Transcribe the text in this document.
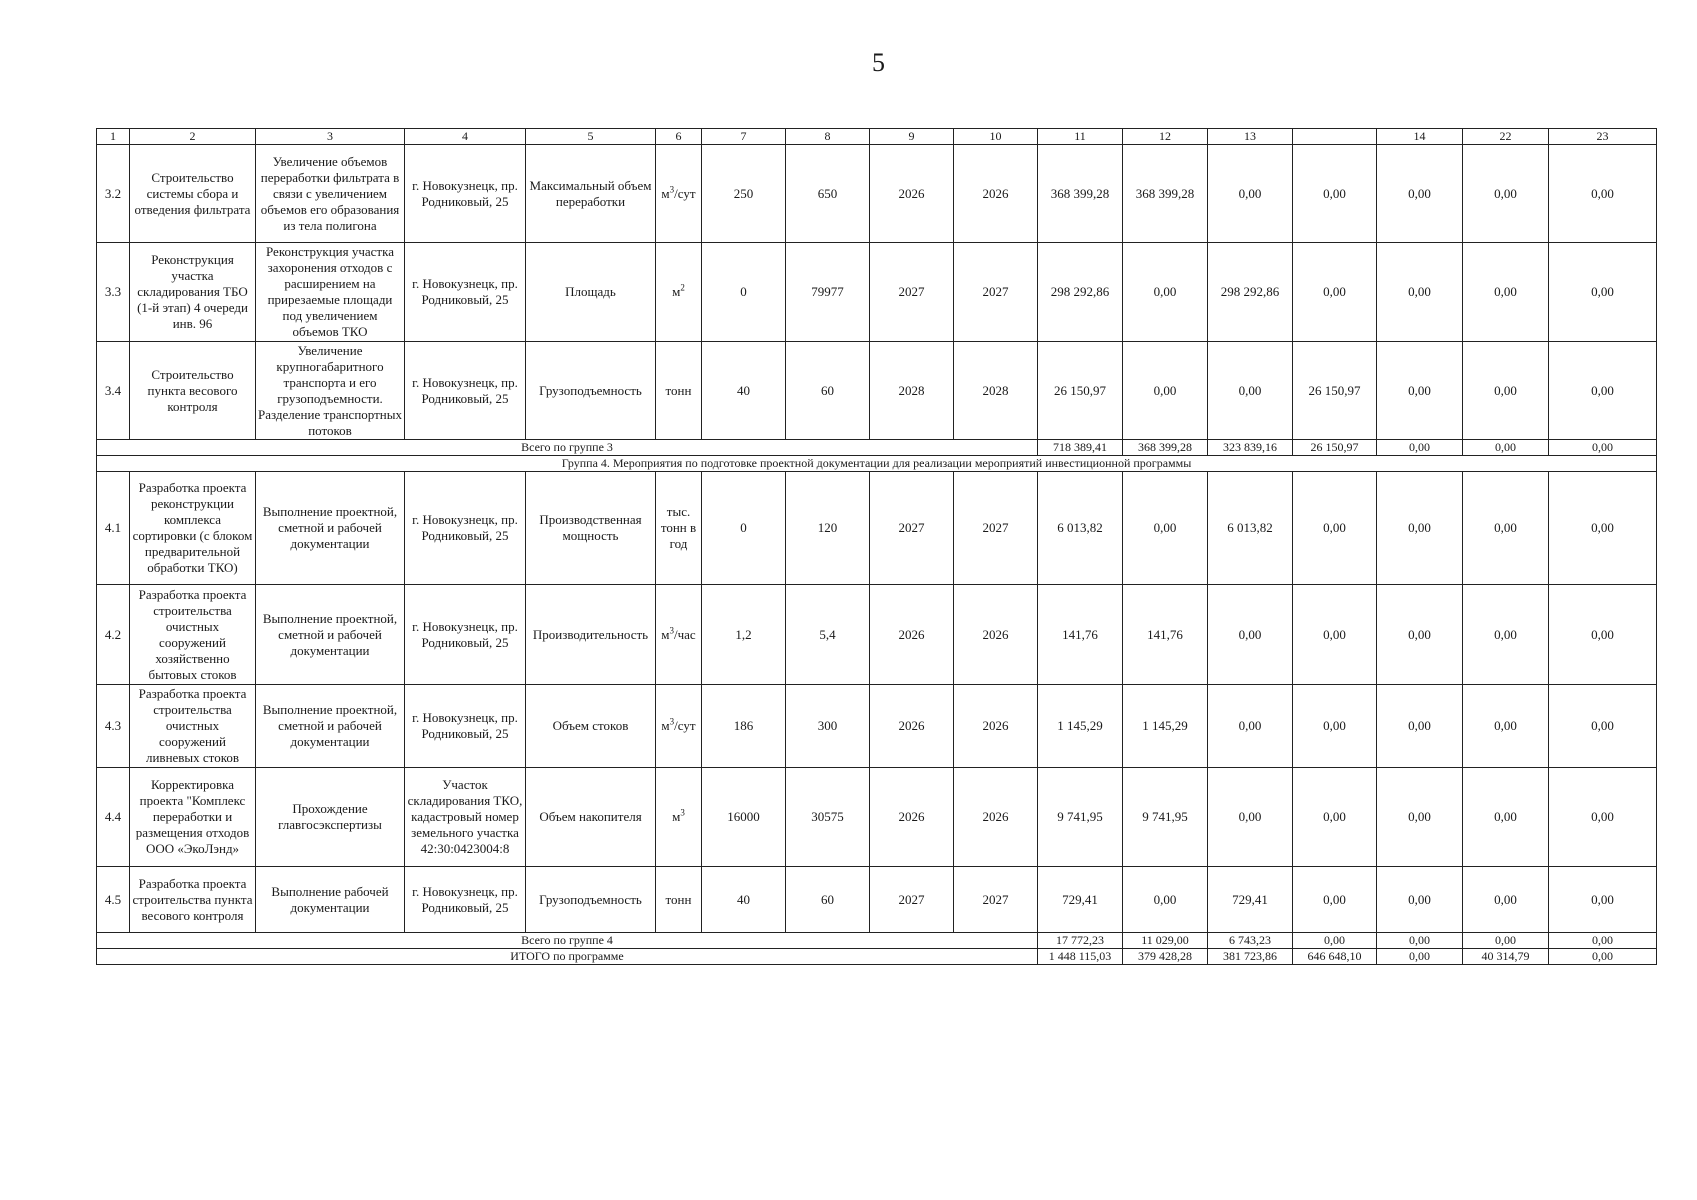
5
1	2	3	4	5	6	7	8	9	10	11	12	13		14	22	23
3.2	Строительство системы сбора и отведения фильтрата	Увеличение объемов переработки фильтрата в связи с увеличением объемов его образования из тела полигона	г. Новокузнецк, пр. Родниковый, 25	Максимальный объем переработки	$м^3$/сут	250	650	2026	2026	368 399,28	368 399,28	0,00	0,00	0,00	0,00	0,00
3.3	Реконструкция участка складирования ТБО (1-й этап) 4 очереди инв. 96	Реконструкция участка захоронения отходов с расширением на прирезаемые площади под увеличением объемов ТКО	г. Новокузнецк, пр. Родниковый, 25	Площадь	$м^2$	0	79977	2027	2027	298 292,86	0,00	298 292,86	0,00	0,00	0,00	0,00
3.4	Строительство пункта весового контроля	Увеличение крупногабаритного транспорта и его грузоподъемности. Разделение транспортных потоков	г. Новокузнецк, пр. Родниковый, 25	Грузоподъемность	тонн	40	60	2028	2028	26 150,97	0,00	0,00	26 150,97	0,00	0,00	0,00
Всего по группе 3										718 389,41	368 399,28	323 839,16	26 150,97	0,00	0,00	0,00
Группа 4. Мероприятия по подготовке проектной документации для реализации мероприятий инвестиционной программы																
4.1	Разработка проекта реконструкции комплекса сортировки (с блоком предварительной обработки ТКО)	Выполнение проектной, сметной и рабочей документации	г. Новокузнецк, пр. Родниковый, 25	Производственная мощность	тыс. тонн в год	0	120	2027	2027	6 013,82	0,00	6 013,82	0,00	0,00	0,00	0,00
4.2	Разработка проекта строительства очистных сооружений хозяйственно бытовых стоков	Выполнение проектной, сметной и рабочей документации	г. Новокузнецк, пр. Родниковый, 25	Производительность	$м^3$/час	1,2	5,4	2026	2026	141,76	141,76	0,00	0,00	0,00	0,00	0,00
4.3	Разработка проекта строительства очистных сооружений ливневых стоков	Выполнение проектной, сметной и рабочей документации	г. Новокузнецк, пр. Родниковый, 25	Объем стоков	$м^3$/сут	186	300	2026	2026	1 145,29	1 145,29	0,00	0,00	0,00	0,00	0,00
4.4	Корректировка проекта "Комплекс переработки и размещения отходов ООО «ЭкоЛэнд»	Прохождение главгосэкспертизы	Участок складирования ТКО, кадастровый номер земельного участка 42:30:0423004:8	Объем накопителя	$м^3$	16000	30575	2026	2026	9 741,95	9 741,95	0,00	0,00	0,00	0,00	0,00
4.5	Разработка проекта строительства пункта весового контроля	Выполнение рабочей документации	г. Новокузнецк, пр. Родниковый, 25	Грузоподъемность	тонн	40	60	2027	2027	729,41	0,00	729,41	0,00	0,00	0,00	0,00
Всего по группе 4										17 772,23	11 029,00	6 743,23	0,00	0,00	0,00	0,00
ИТОГО по программе										1 448 115,03	379 428,28	381 723,86	646 648,10	0,00	40 314,79	0,00
